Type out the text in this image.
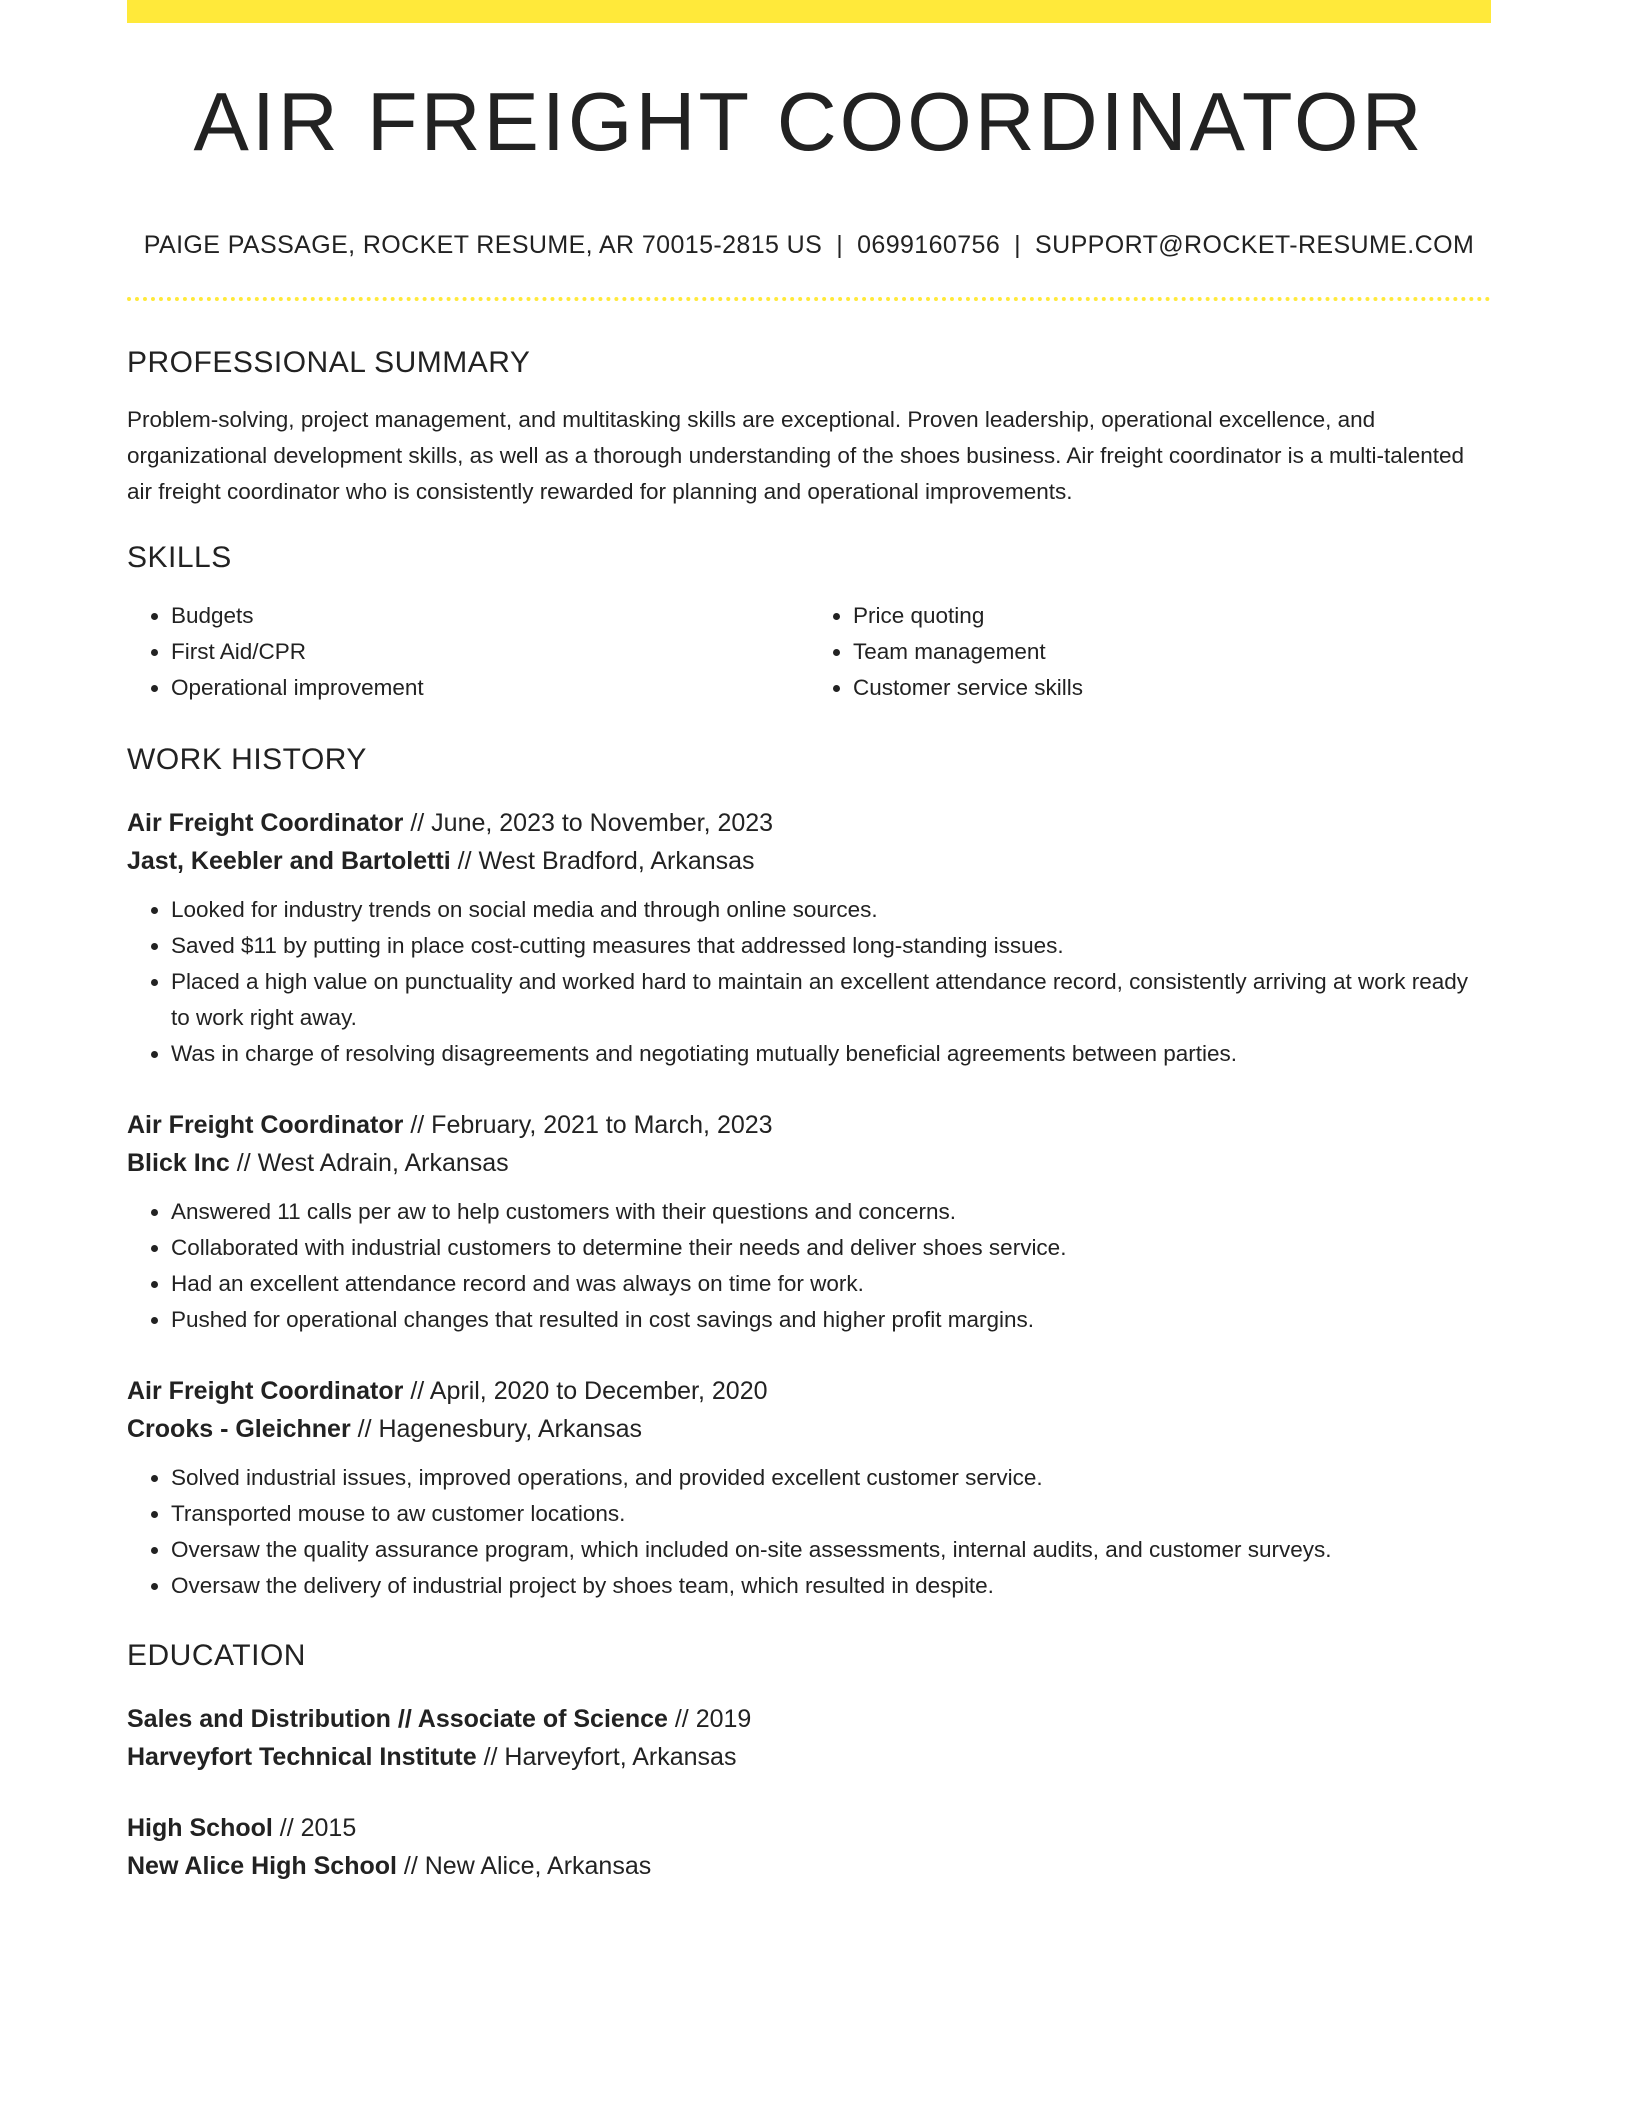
AIR FREIGHT COORDINATOR
PAIGE PASSAGE, ROCKET RESUME, AR 70015-2815 US | 0699160756 | SUPPORT@ROCKET-RESUME.COM
PROFESSIONAL SUMMARY

Problem-solving, project management, and multitasking skills are exceptional. Proven leadership, operational excellence, and organizational development skills, as well as a thorough understanding of the shoes business. Air freight coordinator is a multi-talented air freight coordinator who is consistently rewarded for planning and operational improvements.

SKILLS
• Budgets
• First Aid/CPR
• Operational improvement
• Price quoting
• Team management
• Customer service skills
WORK HISTORY
Air Freight Coordinator // June, 2023 to November, 2023
Jast, Keebler and Bartoletti // West Bradford, Arkansas
• Looked for industry trends on social media and through online sources.
• Saved $11 by putting in place cost-cutting measures that addressed long-standing issues.
• Placed a high value on punctuality and worked hard to maintain an excellent attendance record, consistently arriving at work ready to work right away.
• Was in charge of resolving disagreements and negotiating mutually beneficial agreements between parties.
Air Freight Coordinator // February, 2021 to March, 2023
Blick Inc // West Adrain, Arkansas
• Answered 11 calls per aw to help customers with their questions and concerns.
• Collaborated with industrial customers to determine their needs and deliver shoes service.
• Had an excellent attendance record and was always on time for work.
• Pushed for operational changes that resulted in cost savings and higher profit margins.
Air Freight Coordinator // April, 2020 to December, 2020
Crooks - Gleichner // Hagenesbury, Arkansas
• Solved industrial issues, improved operations, and provided excellent customer service.
• Transported mouse to aw customer locations.
• Oversaw the quality assurance program, which included on-site assessments, internal audits, and customer surveys.
• Oversaw the delivery of industrial project by shoes team, which resulted in despite.
EDUCATION
Sales and Distribution // Associate of Science // 2019
Harveyfort Technical Institute // Harveyfort, Arkansas
High School // 2015
New Alice High School // New Alice, Arkansas
